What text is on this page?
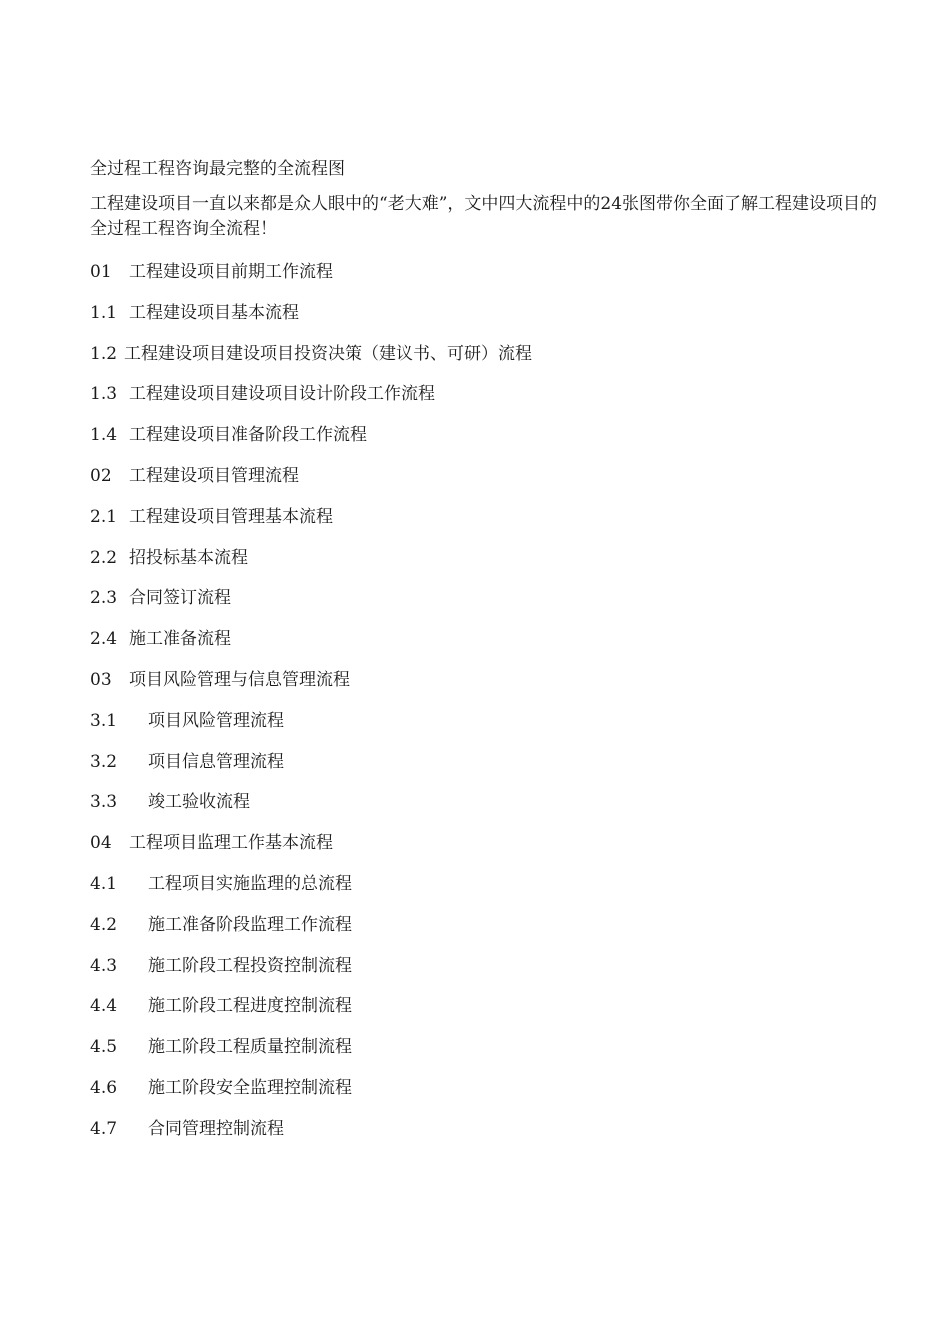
全过程工程咨询最完整的全流程图

工程建设项目一直以来都是众人眼中的“老大难”，文中四大流程中的24张图带你全面了解工程建设项目的全过程工程咨询全流程！

01	工程建设项目前期工作流程
1.1 工程建设项目基本流程
1.2 工程建设项目建设项目投资决策（建议书、可研）流程
1.3 工程建设项目建设项目设计阶段工作流程
1.4 工程建设项目准备阶段工作流程
02	工程建设项目管理流程
2.1 工程建设项目管理基本流程
2.2 招投标基本流程
2.3 合同签订流程
2.4 施工准备流程
03	项目风险管理与信息管理流程
3.1	项目风险管理流程
3.2	项目信息管理流程
3.3	竣工验收流程
04	工程项目监理工作基本流程
4.1	工程项目实施监理的总流程
4.2	施工准备阶段监理工作流程
4.3	施工阶段工程投资控制流程
4.4	施工阶段工程进度控制流程
4.5	施工阶段工程质量控制流程
4.6	施工阶段安全监理控制流程
4.7	合同管理控制流程
